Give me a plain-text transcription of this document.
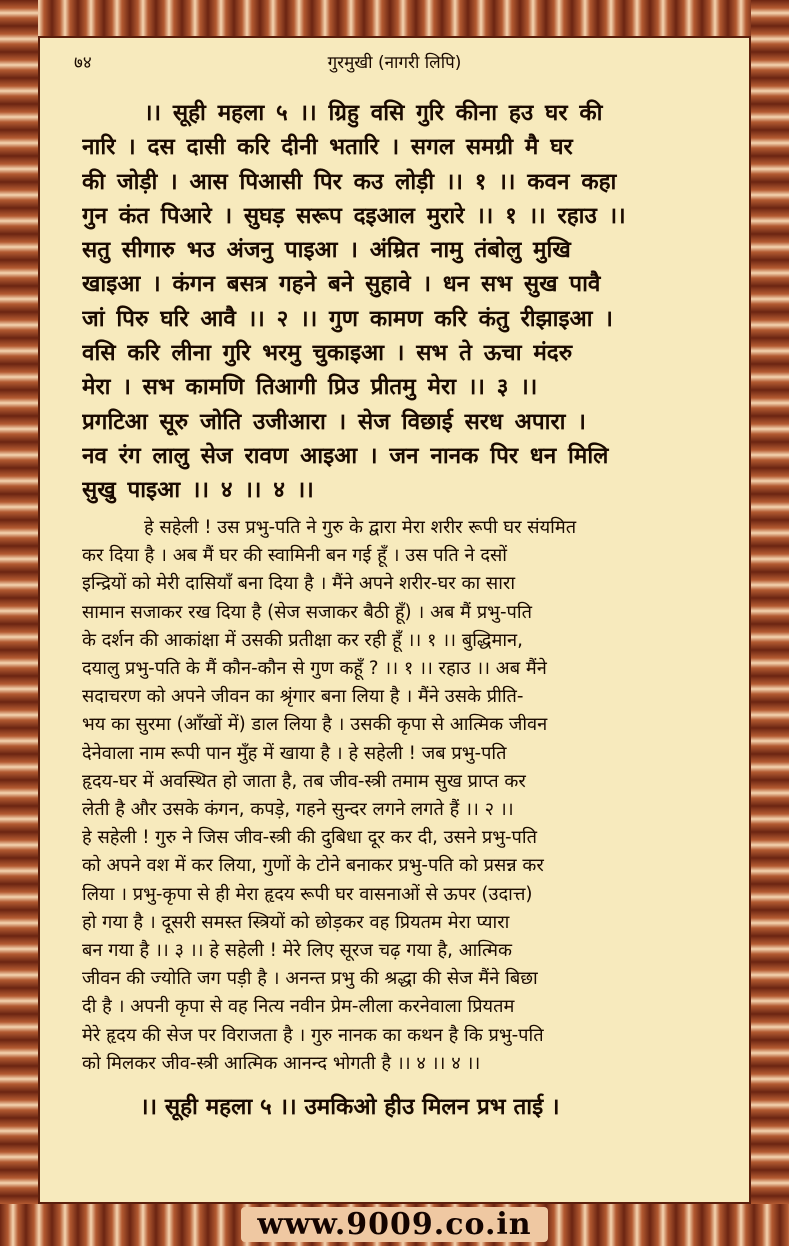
www.9009.co.in
७४	गुरमुखी (नागरी लिपि)
।। सूही महला ५ ।। ग्रिहु वसि गुरि कीना हउ घर की
नारि । दस दासी करि दीनी भतारि । सगल समग्री मै घर
की जोड़ी । आस पिआसी पिर कउ लोड़ी ।। १ ।। कवन कहा
गुन कंत पिआरे । सुघड़ सरूप दइआल मुरारे ।। १ ।। रहाउ ।।
सतु सीगारु भउ अंजनु पाइआ । अंम्रित नामु तंबोलु मुखि
खाइआ । कंगन बसत्र गहने बने सुहावे । धन सभ सुख पावै
जां पिरु घरि आवै ।। २ ।। गुण कामण करि कंतु रीझाइआ ।
वसि करि लीना गुरि भरमु चुकाइआ । सभ ते ऊचा मंदरु
मेरा । सभ कामणि तिआगी प्रिउ प्रीतमु मेरा ।। ३ ।।
प्रगटिआ सूरु जोति उजीआरा । सेज विछाई सरध अपारा ।
नव रंग लालु सेज रावण आइआ । जन नानक पिर धन मिलि
सुखु पाइआ ।। ४ ।। ४ ।।
हे सहेली ! उस प्रभु-पति ने गुरु के द्वारा मेरा शरीर रूपी घर संयमित
कर दिया है । अब मैं घर की स्वामिनी बन गई हूँ । उस पति ने दसों
इन्द्रियों को मेरी दासियाँ बना दिया है । मैंने अपने शरीर-घर का सारा
सामान सजाकर रख दिया है (सेज सजाकर बैठी हूँ) । अब मैं प्रभु-पति
के दर्शन की आकांक्षा में उसकी प्रतीक्षा कर रही हूँ ।। १ ।। बुद्धिमान,
दयालु प्रभु-पति के मैं कौन-कौन से गुण कहूँ ? ।। १ ।। रहाउ ।। अब मैंने
सदाचरण को अपने जीवन का श्रृंगार बना लिया है । मैंने उसके प्रीति-
भय का सुरमा (आँखों में) डाल लिया है । उसकी कृपा से आत्मिक जीवन
देनेवाला नाम रूपी पान मुँह में खाया है । हे सहेली ! जब प्रभु-पति
हृदय-घर में अवस्थित हो जाता है, तब जीव-स्त्री तमाम सुख प्राप्त कर
लेती है और उसके कंगन, कपड़े, गहने सुन्दर लगने लगते हैं ।। २ ।।
हे सहेली ! गुरु ने जिस जीव-स्त्री की दुबिधा दूर कर दी, उसने प्रभु-पति
को अपने वश में कर लिया, गुणों के टोने बनाकर प्रभु-पति को प्रसन्न कर
लिया । प्रभु-कृपा से ही मेरा हृदय रूपी घर वासनाओं से ऊपर (उदात्त)
हो गया है । दूसरी समस्त स्त्रियों को छोड़कर वह प्रियतम मेरा प्यारा
बन गया है ।। ३ ।। हे सहेली ! मेरे लिए सूरज चढ़ गया है, आत्मिक
जीवन की ज्योति जग पड़ी है । अनन्त प्रभु की श्रद्धा की सेज मैंने बिछा
दी है । अपनी कृपा से वह नित्य नवीन प्रेम-लीला करनेवाला प्रियतम
मेरे हृदय की सेज पर विराजता है । गुरु नानक का कथन है कि प्रभु-पति
को मिलकर जीव-स्त्री आत्मिक आनन्द भोगती है ।। ४ ।। ४ ।।
।। सूही महला ५ ।। उमकिओ हीउ मिलन प्रभ ताई ।
